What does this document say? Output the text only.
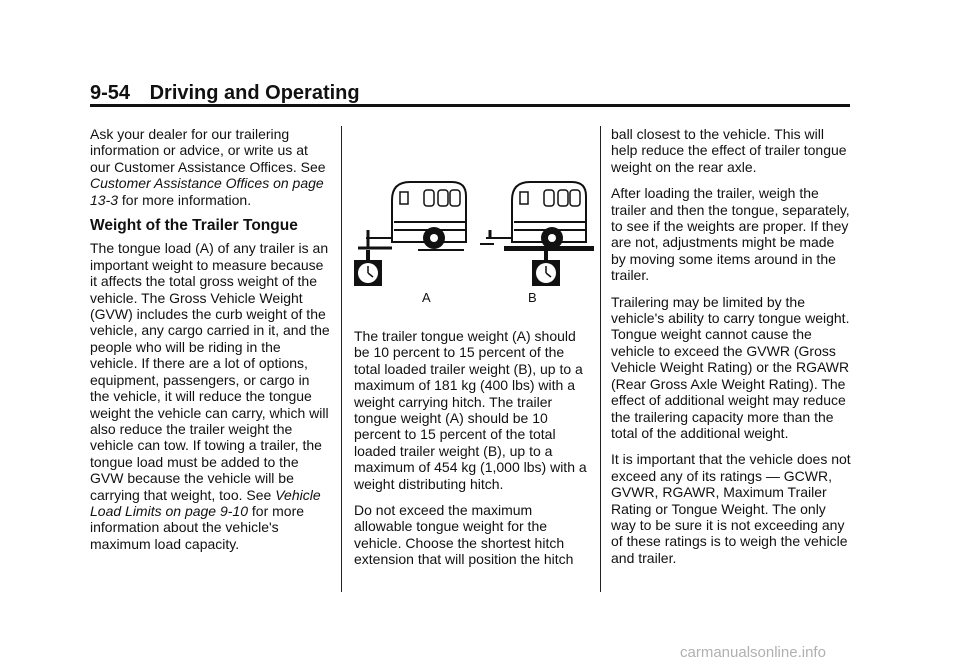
9-54 Driving and Operating

Ask your dealer for our trailering information or advice, or write us at our Customer Assistance Offices. See Customer Assistance Offices on page 13-3 for more information.

Weight of the Trailer Tongue

The tongue load (A) of any trailer is an important weight to measure because it affects the total gross weight of the vehicle. The Gross Vehicle Weight (GVW) includes the curb weight of the vehicle, any cargo carried in it, and the people who will be riding in the vehicle. If there are a lot of options, equipment, passengers, or cargo in the vehicle, it will reduce the tongue weight the vehicle can carry, which will also reduce the trailer weight the vehicle can tow. If towing a trailer, the tongue load must be added to the GVW because the vehicle will be carrying that weight, too. See Vehicle Load Limits on page 9-10 for more information about the vehicle's maximum load capacity.

A	B

The trailer tongue weight (A) should be 10 percent to 15 percent of the total loaded trailer weight (B), up to a maximum of 181 kg (400 lbs) with a weight carrying hitch. The trailer tongue weight (A) should be 10 percent to 15 percent of the total loaded trailer weight (B), up to a maximum of 454 kg (1,000 lbs) with a weight distributing hitch.

Do not exceed the maximum allowable tongue weight for the vehicle. Choose the shortest hitch extension that will position the hitch

ball closest to the vehicle. This will help reduce the effect of trailer tongue weight on the rear axle.

After loading the trailer, weigh the trailer and then the tongue, separately, to see if the weights are proper. If they are not, adjustments might be made by moving some items around in the trailer.

Trailering may be limited by the vehicle's ability to carry tongue weight. Tongue weight cannot cause the vehicle to exceed the GVWR (Gross Vehicle Weight Rating) or the RGAWR (Rear Gross Axle Weight Rating). The effect of additional weight may reduce the trailering capacity more than the total of the additional weight.

It is important that the vehicle does not exceed any of its ratings — GCWR, GVWR, RGAWR, Maximum Trailer Rating or Tongue Weight. The only way to be sure it is not exceeding any of these ratings is to weigh the vehicle and trailer.

carmanualsonline.info
